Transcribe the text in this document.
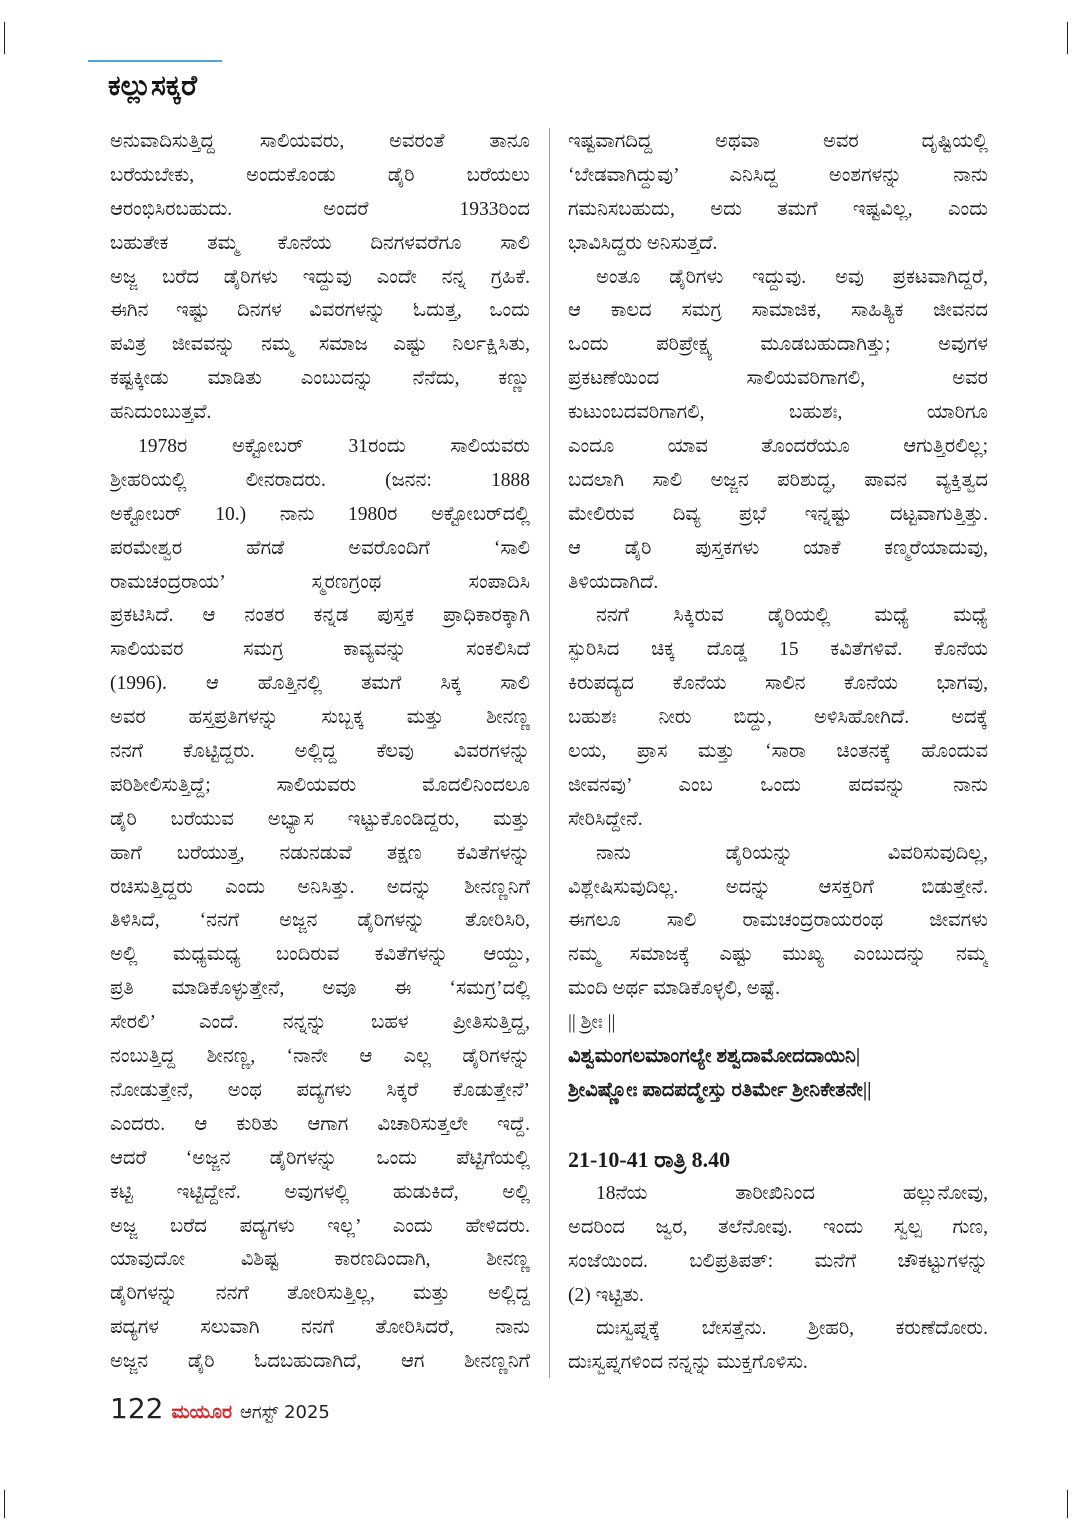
ಕಲ್ಲುಸಕ್ಕರೆ
ಅನುವಾದಿಸುತ್ತಿದ್ದ ಸಾಲಿಯವರು, ಅವರಂತೆ ತಾನೂ
ಬರೆಯಬೇಕು, ಅಂದುಕೊಂಡು ಡೈರಿ ಬರೆಯಲು
ಆರಂಭಿಸಿರಬಹುದು. ಅಂದರೆ 1933ರಿಂದ
ಬಹುತೇಕ ತಮ್ಮ ಕೊನೆಯ ದಿನಗಳವರೆಗೂ ಸಾಲಿ
ಅಜ್ಜ ಬರೆದ ಡೈರಿಗಳು ಇದ್ದುವು ಎಂದೇ ನನ್ನ ಗ್ರಹಿಕೆ.
ಈಗಿನ ಇಷ್ಟು ದಿನಗಳ ವಿವರಗಳನ್ನು ಓದುತ್ತ, ಒಂದು
ಪವಿತ್ರ ಜೀವವನ್ನು ನಮ್ಮ ಸಮಾಜ ಎಷ್ಟು ನಿರ್ಲಕ್ಷಿಸಿತು,
ಕಷ್ಟಕ್ಕೀಡು ಮಾಡಿತು ಎಂಬುದನ್ನು ನೆನೆದು, ಕಣ್ಣು
ಹನಿದುಂಬುತ್ತವೆ.
1978ರ ಅಕ್ಟೋಬರ್ 31ರಂದು ಸಾಲಿಯವರು
ಶ್ರೀಹರಿಯಲ್ಲಿ ಲೀನರಾದರು. (ಜನನ: 1888
ಅಕ್ಟೋಬರ್ 10.) ನಾನು 1980ರ ಅಕ್ಟೋಬರ್‌ದಲ್ಲಿ
ಪರಮೇಶ್ವರ ಹೆಗಡೆ ಅವರೊಂದಿಗೆ ‘ಸಾಲಿ
ರಾಮಚಂದ್ರರಾಯ’ ಸ್ಮರಣಗ್ರಂಥ ಸಂಪಾದಿಸಿ
ಪ್ರಕಟಿಸಿದೆ. ಆ ನಂತರ ಕನ್ನಡ ಪುಸ್ತಕ ಪ್ರಾಧಿಕಾರಕ್ಕಾಗಿ
ಸಾಲಿಯವರ ಸಮಗ್ರ ಕಾವ್ಯವನ್ನು ಸಂಕಲಿಸಿದೆ
(1996). ಆ ಹೊತ್ತಿನಲ್ಲಿ ತಮಗೆ ಸಿಕ್ಕ ಸಾಲಿ
ಅವರ ಹಸ್ತಪ್ರತಿಗಳನ್ನು ಸುಬ್ಬಕ್ಕ ಮತ್ತು ಶೀನಣ್ಣ
ನನಗೆ ಕೊಟ್ಟಿದ್ದರು. ಅಲ್ಲಿದ್ದ ಕೆಲವು ವಿವರಗಳನ್ನು
ಪರಿಶೀಲಿಸುತ್ತಿದ್ದೆ; ಸಾಲಿಯವರು ಮೊದಲಿನಿಂದಲೂ
ಡೈರಿ ಬರೆಯುವ ಅಭ್ಯಾಸ ಇಟ್ಟುಕೊಂಡಿದ್ದರು, ಮತ್ತು
ಹಾಗೆ ಬರೆಯುತ್ತ, ನಡುನಡುವೆ ತಕ್ಷಣ ಕವಿತೆಗಳನ್ನು
ರಚಿಸುತ್ತಿದ್ದರು ಎಂದು ಅನಿಸಿತ್ತು. ಅದನ್ನು ಶೀನಣ್ಣನಿಗೆ
ತಿಳಿಸಿದೆ, ‘ನನಗೆ ಅಜ್ಜನ ಡೈರಿಗಳನ್ನು ತೋರಿಸಿರಿ,
ಅಲ್ಲಿ ಮಧ್ಯಮಧ್ಯ ಬಂದಿರುವ ಕವಿತೆಗಳನ್ನು ಆಯ್ದು,
ಪ್ರತಿ ಮಾಡಿಕೊಳ್ಳುತ್ತೇನೆ, ಅವೂ ಈ ‘ಸಮಗ್ರ’ದಲ್ಲಿ
ಸೇರಲಿ’ ಎಂದೆ. ನನ್ನನ್ನು ಬಹಳ ಪ್ರೀತಿಸುತ್ತಿದ್ದ,
ನಂಬುತ್ತಿದ್ದ ಶೀನಣ್ಣ, ‘ನಾನೇ ಆ ಎಲ್ಲ ಡೈರಿಗಳನ್ನು
ನೋಡುತ್ತೇನೆ, ಅಂಥ ಪದ್ಯಗಳು ಸಿಕ್ಕರೆ ಕೊಡುತ್ತೇನೆ’
ಎಂದರು. ಆ ಕುರಿತು ಆಗಾಗ ವಿಚಾರಿಸುತ್ತಲೇ ಇದ್ದೆ.
ಆದರೆ ‘ಅಜ್ಜನ ಡೈರಿಗಳನ್ನು ಒಂದು ಪೆಟ್ಟಿಗೆಯಲ್ಲಿ
ಕಟ್ಟಿ ಇಟ್ಟಿದ್ದೇನೆ. ಅವುಗಳಲ್ಲಿ ಹುಡುಕಿದೆ, ಅಲ್ಲಿ
ಅಜ್ಜ ಬರೆದ ಪದ್ಯಗಳು ಇಲ್ಲ’ ಎಂದು ಹೇಳಿದರು.
ಯಾವುದೋ ವಿಶಿಷ್ಟ ಕಾರಣದಿಂದಾಗಿ, ಶೀನಣ್ಣ
ಡೈರಿಗಳನ್ನು ನನಗೆ ತೋರಿಸುತ್ತಿಲ್ಲ, ಮತ್ತು ಅಲ್ಲಿದ್ದ
ಪದ್ಯಗಳ ಸಲುವಾಗಿ ನನಗೆ ತೋರಿಸಿದರೆ, ನಾನು
ಅಜ್ಜನ ಡೈರಿ ಓದಬಹುದಾಗಿದೆ, ಆಗ ಶೀನಣ್ಣನಿಗೆ
ಇಷ್ಟವಾಗದಿದ್ದ ಅಥವಾ ಅವರ ದೃಷ್ಟಿಯಲ್ಲಿ
‘ಬೇಡವಾಗಿದ್ದುವು’ ಎನಿಸಿದ್ದ ಅಂಶಗಳನ್ನು ನಾನು
ಗಮನಿಸಬಹುದು, ಅದು ತಮಗೆ ಇಷ್ಟವಿಲ್ಲ, ಎಂದು
ಭಾವಿಸಿದ್ದರು ಅನಿಸುತ್ತದೆ.
ಅಂತೂ ಡೈರಿಗಳು ಇದ್ದುವು. ಅವು ಪ್ರಕಟವಾಗಿದ್ದರೆ,
ಆ ಕಾಲದ ಸಮಗ್ರ ಸಾಮಾಜಿಕ, ಸಾಹಿತ್ಯಿಕ ಜೀವನದ
ಒಂದು ಪರಿಪ್ರೇಕ್ಷ್ಯ ಮೂಡಬಹುದಾಗಿತ್ತು; ಅವುಗಳ
ಪ್ರಕಟಣೆಯಿಂದ ಸಾಲಿಯವರಿಗಾಗಲಿ, ಅವರ
ಕುಟುಂಬದವರಿಗಾಗಲಿ, ಬಹುಶಃ, ಯಾರಿಗೂ
ಎಂದೂ ಯಾವ ತೊಂದರೆಯೂ ಆಗುತ್ತಿರಲಿಲ್ಲ;
ಬದಲಾಗಿ ಸಾಲಿ ಅಜ್ಜನ ಪರಿಶುದ್ಧ, ಪಾವನ ವ್ಯಕ್ತಿತ್ವದ
ಮೇಲಿರುವ ದಿವ್ಯ ಪ್ರಭೆ ಇನ್ನಷ್ಟು ದಟ್ಟವಾಗುತ್ತಿತ್ತು.
ಆ ಡೈರಿ ಪುಸ್ತಕಗಳು ಯಾಕೆ ಕಣ್ಮರೆಯಾದುವು,
ತಿಳಿಯದಾಗಿದೆ.
ನನಗೆ ಸಿಕ್ಕಿರುವ ಡೈರಿಯಲ್ಲಿ ಮಧ್ಯೆ ಮಧ್ಯೆ
ಸ್ಫುರಿಸಿದ ಚಿಕ್ಕ ದೊಡ್ಡ 15 ಕವಿತೆಗಳಿವೆ. ಕೊನೆಯ
ಕಿರುಪದ್ಯದ ಕೊನೆಯ ಸಾಲಿನ ಕೊನೆಯ ಭಾಗವು,
ಬಹುಶಃ ನೀರು ಬಿದ್ದು, ಅಳಿಸಿಹೋಗಿದೆ. ಅದಕ್ಕೆ
ಲಯ, ಪ್ರಾಸ ಮತ್ತು ‘ಸಾರಾ ಚಿಂತನಕ್ಕೆ ಹೊಂದುವ
ಜೀವನವು’ ಎಂಬ ಒಂದು ಪದವನ್ನು ನಾನು
ಸೇರಿಸಿದ್ದೇನೆ.
ನಾನು ಡೈರಿಯನ್ನು ವಿವರಿಸುವುದಿಲ್ಲ,
ವಿಶ್ಲೇಷಿಸುವುದಿಲ್ಲ. ಅದನ್ನು ಆಸಕ್ತರಿಗೆ ಬಿಡುತ್ತೇನೆ.
ಈಗಲೂ ಸಾಲಿ ರಾಮಚಂದ್ರರಾಯರಂಥ ಜೀವಗಳು
ನಮ್ಮ ಸಮಾಜಕ್ಕೆ ಎಷ್ಟು ಮುಖ್ಯ ಎಂಬುದನ್ನು ನಮ್ಮ
ಮಂದಿ ಅರ್ಥ ಮಾಡಿಕೊಳ್ಳಲಿ, ಅಷ್ಟೆ.
|| ಶ್ರೀಃ ||
ವಿಶ್ವಮಂಗಲಮಾಂಗಲ್ಯೇ ಶಶ್ವದಾಮೋದದಾಯಿನಿ|
ಶ್ರೀವಿಷ್ಣೋಃ ಪಾದಪದ್ಮೇಸ್ತು ರತಿರ್ಮೇ ಶ್ರೀನಿಕೇತನೇ||
21-10-41 ರಾತ್ರಿ 8.40
18ನೆಯ ತಾರೀಖಿನಿಂದ ಹಲ್ಲುನೋವು,
ಅದರಿಂದ ಜ್ವರ, ತಲೆನೋವು. ಇಂದು ಸ್ವಲ್ಪ ಗುಣ,
ಸಂಜೆಯಿಂದ. ಬಲಿಪ್ರತಿಪತ್: ಮನೆಗೆ ಚೌಕಟ್ಟುಗಳನ್ನು
(2) ಇಟ್ಟಿತು.
ದುಃಸ್ವಪ್ನಕ್ಕೆ ಬೇಸತ್ತೆನು. ಶ್ರೀಹರಿ, ಕರುಣೆದೋರು.
ದುಃಸ್ವಪ್ನಗಳಿಂದ ನನ್ನನ್ನು ಮುಕ್ತಗೊಳಿಸು.
122 ಮಯೂರ ಆಗಸ್ಟ್ 2025
